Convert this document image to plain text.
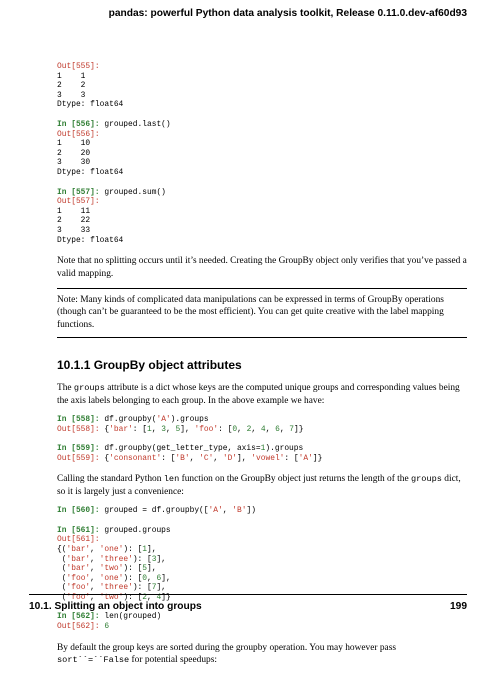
pandas: powerful Python data analysis toolkit, Release 0.11.0.dev-af60d93
Out[555]:
1    1
2    2
3    3
Dtype: float64
In [556]: grouped.last()
Out[556]:
1    10
2    20
3    30
Dtype: float64
In [557]: grouped.sum()
Out[557]:
1    11
2    22
3    33
Dtype: float64

Note that no splitting occurs until it’s needed. Creating the GroupBy object only verifies that you’ve passed a valid mapping.

Note: Many kinds of complicated data manipulations can be expressed in terms of GroupBy operations (though can’t be guaranteed to be the most efficient). You can get quite creative with the label mapping functions.
10.1.1 GroupBy object attributes

The groups attribute is a dict whose keys are the computed unique groups and corresponding values being the axis labels belonging to each group. In the above example we have:

In [558]: df.groupby('A').groups
Out[558]: {'bar': [1, 3, 5], 'foo': [0, 2, 4, 6, 7]}
In [559]: df.groupby(get_letter_type, axis=1).groups
Out[559]: {'consonant': ['B', 'C', 'D'], 'vowel': ['A']}

Calling the standard Python len function on the GroupBy object just returns the length of the groups dict, so it is largely just a convenience:

In [560]: grouped = df.groupby(['A', 'B'])
In [561]: grouped.groups
Out[561]:
{('bar', 'one'): [1],
('bar', 'three'): [3],
('bar', 'two'): [5],
('foo', 'one'): [0, 6],
('foo', 'three'): [7],
('foo', 'two'): [2, 4]}
In [562]: len(grouped)
Out[562]: 6

By default the group keys are sorted during the groupby operation. You may however pass sort``=``False for potential speedups:

10.1. Splitting an object into groups	199
